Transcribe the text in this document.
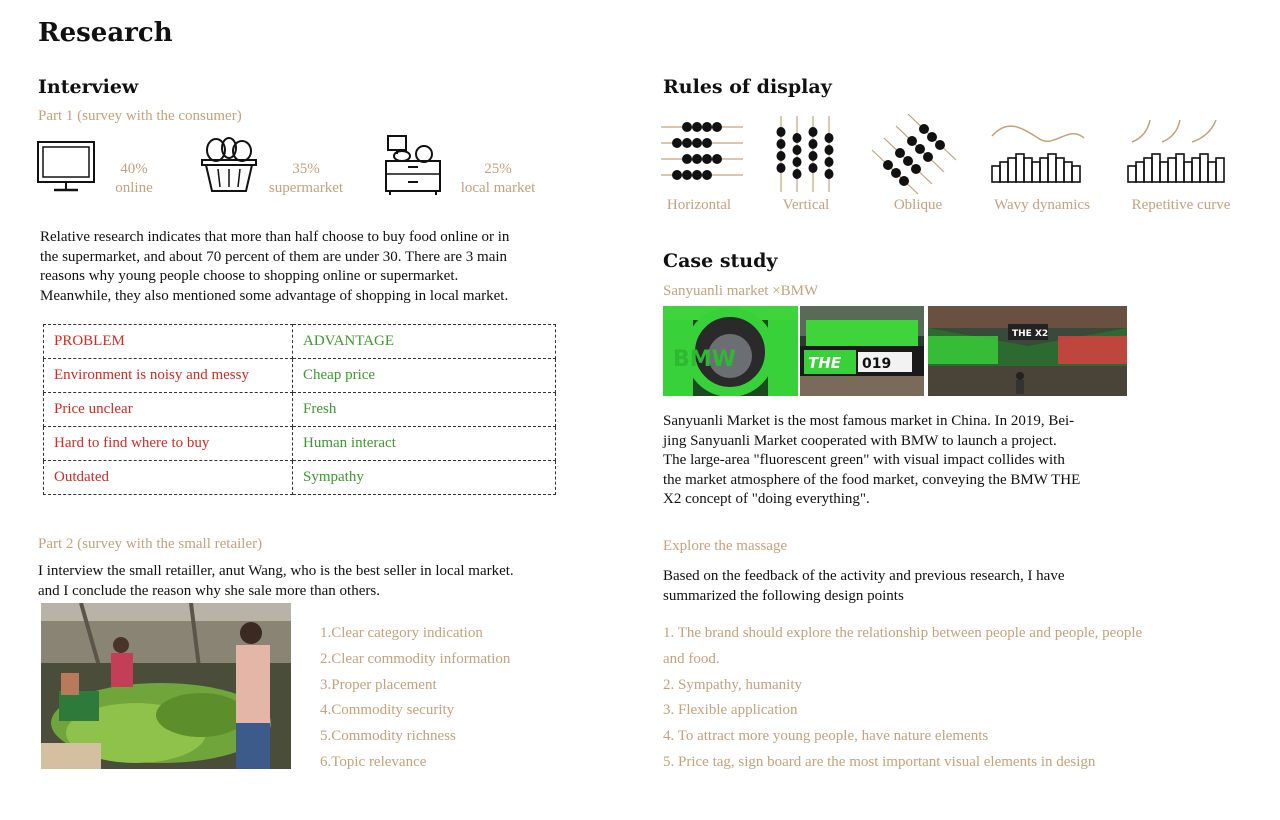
Research
Interview
Part 1 (survey with the consumer)
40%
online
35%
supermarket
25%
local market
Relative research indicates that more than half choose to buy food online or in
the supermarket, and about 70 percent of them are under 30. There are 3 main
reasons why young people choose to shopping online or supermarket.
Meanwhile, they also mentioned some advantage of shopping in local market.
PROBLEM	ADVANTAGE
Environment is noisy and messy	Cheap price
Price unclear	Fresh
Hard to find where to buy	Human interact
Outdated	Sympathy
Part 2 (survey with the small retailer)
I interview the small retailler, anut Wang, who is the best seller in local market.
and I conclude the reason why she sale more than others.
1.Clear category indication
2.Clear commodity information
3.Proper placement
4.Commodity security
5.Commodity richness
6.Topic relevance
Rules of display
Horizontal	Vertical	Oblique	Wavy dynamics	Repetitive curve
Case study
Sanyuanli market ×BMW
BMW	THE 019
THE X2
Sanyuanli Market is the most famous market in China. In 2019, Bei-
jing Sanyuanli Market cooperated with BMW to launch a project.
The large-area "fluorescent green" with visual impact collides with
the market atmosphere of the food market, conveying the BMW THE
X2 concept of "doing everything".
Explore the massage
Based on the feedback of the activity and previous research, I have
summarized the following design points
1. The brand should explore the relationship between people and people, people
and food.
2. Sympathy, humanity
3. Flexible application
4. To attract more young people, have nature elements
5. Price tag, sign board are the most important visual elements in design
